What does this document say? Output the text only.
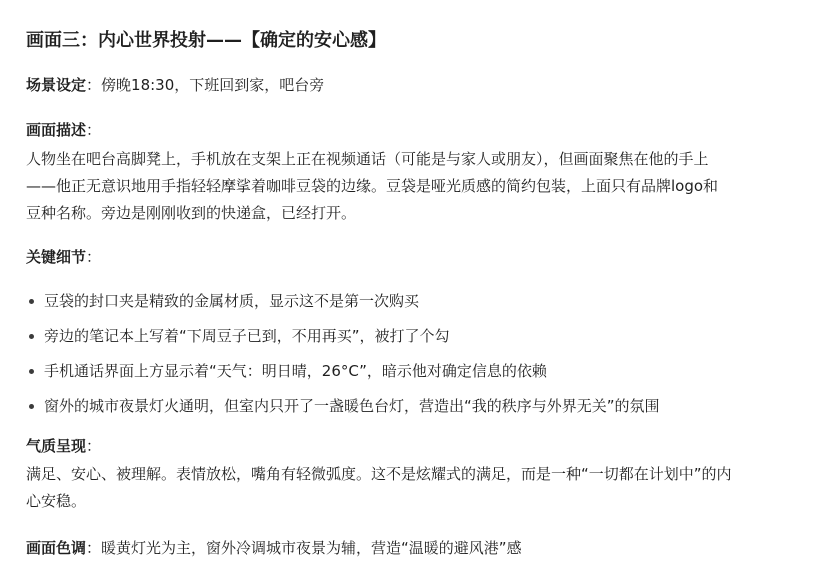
画面三：内心世界投射——【确定的安心感】
场景设定：傍晚18:30，下班回到家，吧台旁
画面描述：
人物坐在吧台高脚凳上，手机放在支架上正在视频通话（可能是与家人或朋友），但画面聚焦在他的手上
——他正无意识地用手指轻轻摩挲着咖啡豆袋的边缘。豆袋是哑光质感的简约包装，上面只有品牌logo和
豆种名称。旁边是刚刚收到的快递盒，已经打开。
关键细节：
豆袋的封口夹是精致的金属材质，显示这不是第一次购买
旁边的笔记本上写着“下周豆子已到，不用再买”，被打了个勾
手机通话界面上方显示着“天气：明日晴，26°C”，暗示他对确定信息的依赖
窗外的城市夜景灯火通明，但室内只开了一盏暖色台灯，营造出“我的秩序与外界无关”的氛围
气质呈现：
满足、安心、被理解。表情放松，嘴角有轻微弧度。这不是炫耀式的满足，而是一种“一切都在计划中”的内
心安稳。
画面色调：暖黄灯光为主，窗外冷调城市夜景为辅，营造“温暖的避风港”感
